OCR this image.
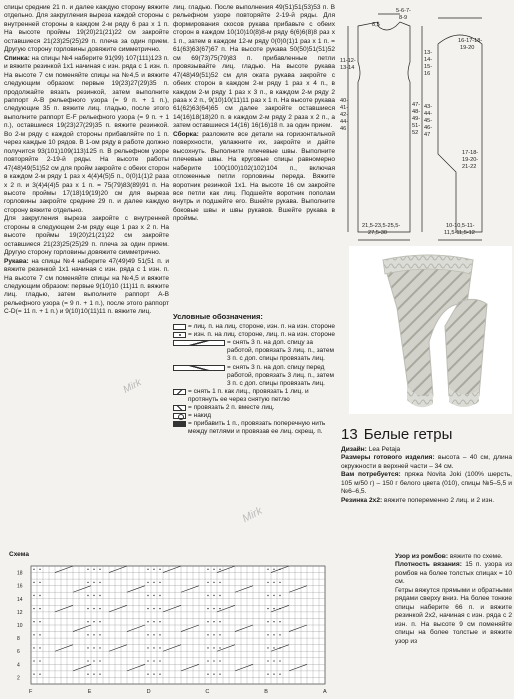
спицы средние 21 п. и далее каждую сторону вяжите отдельно. Для закругления выреза каждой стороны с внутренней стороны в каждом 2-м ряду 6 раз х 1 п. На высоте проймы 19(20)21(21)22 см закройте оставшиеся 21(23)25(25)29 п. плеча за один прием. Другую сторону горловины довяжите симметрично.

Спинка: на спицы №4 наберите 91(99) 107(111)123 п. и вяжите резинкой 1х1 начиная с изн. ряда с 1 изн. п. На высоте 7 см поменяйте спицы на №4,5 и вяжите следующим образом: первые 19(23)27(29)35 п. продолжайте вязать резинкой, затем выполните раппорт А-В рельефного узора (= 9 п. + 1 п.), следующие 35 п. вяжите лиц. гладью, после этого выполните раппорт E-F рельефного узора (= 9 п. + 1 п.), оставшиеся 19(23)27(29)35 п. вяжите резинкой. Во 2-м ряду с каждой стороны прибавляйте по 1 п. через каждые 10 рядов. В 1-ом ряду в работе должно получится 93(101)109(113)125 п. В рельефном узоре повторяйте 2-19-й ряды. На высоте работы 47(48)49(51)52 см для пройм закройте с обеих сторон в каждом 2-м ряду 1 раз х 4(4)4(5)5 п., 0(0)1(1)2 раза х 2 п. и 3(4)4(4)5 раз х 1 п. = 75(79)83(89)91 п. На высоте проймы 17(18)19(19)20 см для выреза горловины закройте средние 29 п. и далее каждую сторону вяжите отдельно.

Для закругления выреза закройте с внутренней стороны в следующем 2-м ряду еще 1 раз х 2 п. На высоте проймы 19(20)21(21)22 см закройте оставшиеся 21(23)25(25)29 п. плеча за один прием. Другую сторону горловины довяжите симметрично.

Рукава: на спицы №4 наберите 47(49)49 51(51 п. и вяжите резинкой 1х1 начиная с изн. ряда с 1 изн. п. На высоте 7 см поменяйте спицы на №4,5 и вяжите следующим образом: первые 9(10)10 (11)11 п. вяжите лиц. гладью, затем выполните раппорт А-В рельефного узора (= 9 п. + 1 п.), после этого раппорт C-D(= 11 п. + 1 п.) и 9(10)10(11)11 п. вяжите лиц.

лиц. гладью. После выполнения 49(51)51(53)53 п. В рельефном узоре повторяйте 2-19-й ряды. Для формирования скосов рукава прибавьте с обеих сторон в каждом 10(10)10(8)8-м ряду 6(6)6(8)8 раз х 1 п., затем в каждом 12-м ряду 0(0)0(1)1 раз х 1 п. = 61(63)63(67)67 п. На высоте рукава 50(50)51(51)52 см 69(73)75(79)83 п. прибавленные петли провязывайте лиц. гладью. На высоте рукава 47(48)49(51)52 см для оката рукава закройте с обеих сторон в каждом 2-м ряду 1 раз х 4 п., в каждом 2-м ряду 1 раз х 3 п., в каждом 2-м ряду 2 раза х 2 п., 9(10)10(11)11 раз х 1 п. На высоте рукава 61(62)63(64)65 см далее закройте оставшиеся 14(16)18(18)20 п. в каждом 2-м ряду 2 раза х 2 п., а затем оставшиеся 14(16) 16(16)18 п. за один прием.

Сборка: разложите все детали на горизонтальной поверхности, увлажните их, закройте и дайте высохнуть. Выполните плечевые швы. Выполните плечевые швы. На круговые спицы равномерно наберите 100(100)102(102)104 п., включая отложенные петли горловины переда. Вяжите воротник резинкой 1х1. На высоте 16 см закройте все петли как лиц. Подшейте воротник пополам внутрь и подшейте его. Вшейте рукава. Выполните боковые швы и швы рукавов. Вшейте рукава в проймы.

8,5
5-6-7-
8-9
16-17-18-
19-20
11-12-
13-14
40-
41-
42-
44-
46
47-
48-
49-
51-
52
13-
14-
15-
16
43-
44-
45-
46-
47
21,5-23,5-25,5-
27,5-30
10-10,5-11-
11,5-11,5-12
17-18-
19-20-
21-22
Условные обозначения:
= лиц. п. на лиц. стороне, изн. п. на изн. стороне
= изн. п. на лиц. стороне, лиц. п. на изн. стороне
= снять 3 п. на доп. спицу за работой, провязать 3 лиц. п., затем 3 п. с доп. спицы провязать лиц.
= снять 3 п. на доп. спицу перед работой, провязать 3 лиц. п., затем 3 п. с доп. спицы провязать лиц.
= снять 1 п. как лиц., провязать 1 лиц. и протянуть ее через снятую петлю
= провязать 2 п. вместе лиц.
= накид
= прибавить 1 п., провязать поперечную нить между петлями и провязав ее лиц. скрещ. п.
Mirk
Mirk
13 Белые гетры

Дизайн: Lea Petaja

Размеры готового изделия: высота – 40 см, длина окружности в верхней части – 34 см.

Вам потребуется: пряжа Novita Joki (100% шерсть, 105 м/50 г) – 150 г белого цвета (010), спицы №5–5,5 и №6–6,5.

Резинка 2х2: вяжите попеременно 2 лиц. и 2 изн.

Схема
18
16
14
12
10
8
6
4
2
F	E	D	C	B	A

Узор из ромбов: вяжите по схеме.

Плотность вязания: 15 п. узора из ромбов на более толстых спицах = 10 см.

Гетры вяжутся прямыми и обратными рядами сверху вниз. На более тонкие спицы наберите 66 п. и вяжите резинкой 2х2, начиная с изн. ряда с 2 изн. п. На высоте 9 см поменяйте спицы на более толстые и вяжите узор из
